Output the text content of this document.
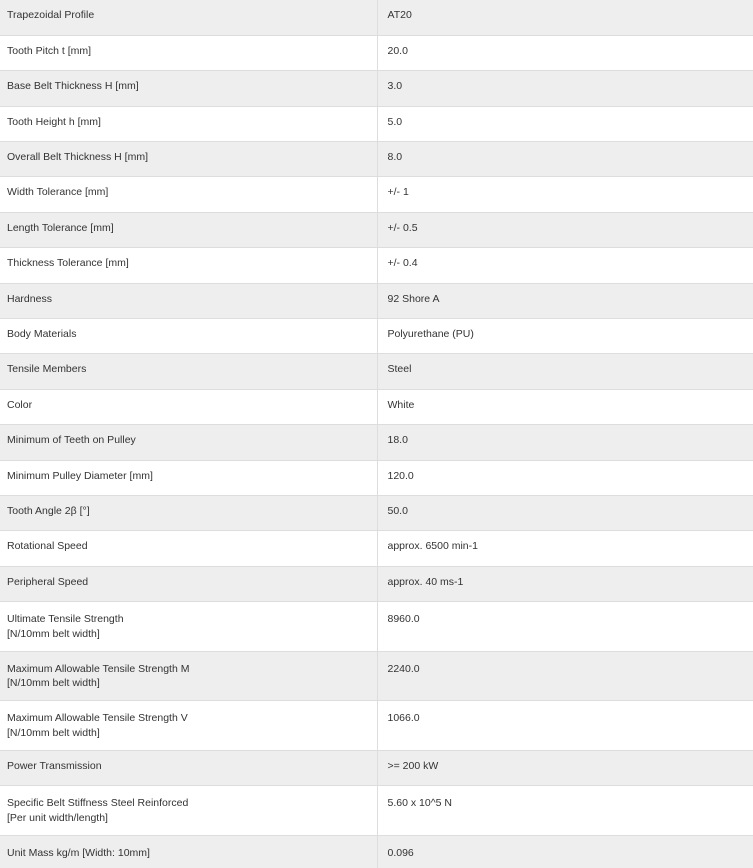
Trapezoidal Profile	AT20

Tooth Pitch t [mm]	20.0

Base Belt Thickness H [mm]	3.0

Tooth Height h [mm]	5.0

Overall Belt Thickness H [mm]	8.0

Width Tolerance [mm]	+/- 1

Length Tolerance [mm]	+/- 0.5

Thickness Tolerance [mm]	+/- 0.4

Hardness	92 Shore A

Body Materials	Polyurethane (PU)

Tensile Members	Steel

Color	White

Minimum of Teeth on Pulley	18.0

Minimum Pulley Diameter [mm]	120.0

Tooth Angle 2β [°]	50.0

Rotational Speed	approx. 6500 min-1

Peripheral Speed	approx. 40 ms-1

Ultimate Tensile Strength
[N/10mm belt width]	8960.0

Maximum Allowable Tensile Strength M
[N/10mm belt width]	2240.0

Maximum Allowable Tensile Strength V
[N/10mm belt width]	1066.0

Power Transmission	>= 200 kW

Specific Belt Stiffness Steel Reinforced
[Per unit width/length]	5.60 x 10^5 N

Unit Mass kg/m [Width: 10mm]	0.096
